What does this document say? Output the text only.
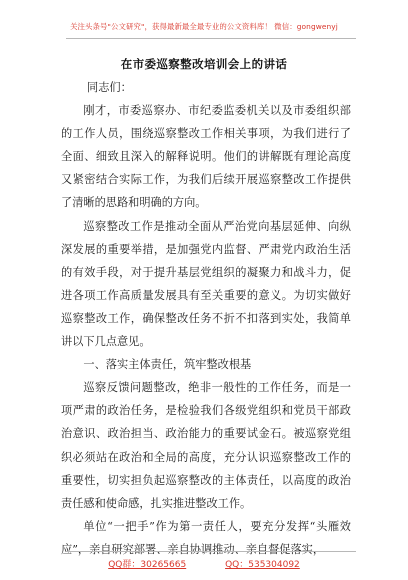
关注头条号"公文研究"，获得最新最全最专业的公文资料库！ 微信：gongwenyj
在市委巡察整改培训会上的讲话

同志们：

刚才，市委巡察办、市纪委监委机关以及市委组织部的工作人员，围绕巡察整改工作相关事项，为我们进行了全面、细致且深入的解释说明。他们的讲解既有理论高度又紧密结合实际工作，为我们后续开展巡察整改工作提供了清晰的思路和明确的方向。

巡察整改工作是推动全面从严治党向基层延伸、向纵深发展的重要举措，是加强党内监督、严肃党内政治生活的有效手段，对于提升基层党组织的凝聚力和战斗力，促进各项工作高质量发展具有至关重要的意义。为切实做好巡察整改工作，确保整改任务不折不扣落到实处，我简单讲以下几点意见。

一、落实主体责任，筑牢整改根基

巡察反馈问题整改，绝非一般性的工作任务，而是一项严肃的政治任务，是检验我们各级党组织和党员干部政治意识、政治担当、政治能力的重要试金石。被巡察党组织必须站在政治和全局的高度，充分认识巡察整改工作的重要性，切实担负起巡察整改的主体责任，以高度的政治责任感和使命感，扎实推进整改工作。

单位“一把手”作为第一责任人，要充分发挥“头雁效应”，亲自研究部署、亲自协调推动、亲自督促落实，

QQ群：30265665	QQ：535304092
